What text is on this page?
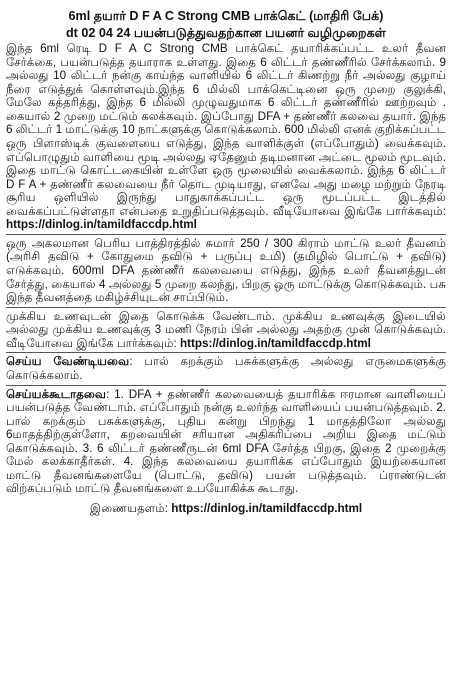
6ml தயார் D F A C Strong CMB பாக்கெட் (மாதிரி பேக்)

dt 02 04 24 பயன்படுத்துவதற்கான பயனர் வழிமுறைகள்

இந்த 6ml ரெடி D F A C Strong CMB பாக்கெட் தயாரிக்கப்பட்ட உலர் தீவன சேர்க்கை, பயன்படுத்த தயாராக உள்ளது. இதை 6 லிட்டர் தண்ணீரில் சேர்க்கலாம். 9 அல்லது 10 லிட்டர் நன்கு காய்ந்த வாளியில் 6 லிட்டர் கிணற்று நீர் அல்லது குழாய் நீரை எடுத்துக் கொள்ளவும்.இந்த 6 மில்லி பாக்கெட்டினை ஒரு முறை குலுக்கி, மேலே கத்தரித்து, இந்த 6 மில்லி முழுவதுமாக 6 லிட்டர் தண்ணீரில் ஊற்றவும் . கையால் 2 முறை மட்டும் கலக்கவும். இப்போது DFA + தண்ணீர் கலவை தயார். இந்த 6 லிட்டர் 1 மாட்டுக்கு 10 நாட்களுக்கு கொடுக்கலாம். 600 மில்லி எனக் குறிக்கப்பட்ட ஒரு பிளாஸ்டிக் குவளையை எடுத்து, இந்த வாளிக்குள் (எப்போதும்) வைக்கவும். எப்பொழுதும் வாளியை மூடி அல்லது ஏதேனும் தடிமனான அட்டை மூலம் மூடவும். இதை மாட்டு கொட்டகையின் உள்ளே ஒரு மூலையில் வைக்கலாம். இந்த 6 லிட்டர் D F A + தண்ணீர் கலவையை நீர் தொட முடியாது, எனவே அது மழை மற்றும் நேரடி சூரிய ஒளியில் இருந்து பாதுகாக்கப்பட்ட ஒரு மூடப்பட்ட இடத்தில் வைக்கப்பட்டுள்ளதா என்பதை உறுதிப்படுத்தவும். வீடியோவை இங்கே பார்க்கவும்: https://dinlog.in/tamildfaccdp.html

ஒரு அகலமான பெரிய பாத்திரத்தில் சுமார் 250 / 300 கிராம் மாட்டு உலர் தீவனம் (அரிசி தவிடு + கோதுமை தவிடு + பருப்பு உமி) (தமிழில் பொட்டு + தவிடு) எடுக்கவும். 600ml DFA தண்ணீர் கலவையை எடுத்து, இந்த உலர் தீவனத்துடன் சேர்த்து, கையால் 4 அல்லது 5 முறை கலந்து, பிறகு ஒரு மாட்டுக்கு கொடுக்கவும். பசு இந்த தீவனத்தை மகிழ்ச்சியுடன் சாப்பிடும்.

முக்கிய உணவுடன் இதை கொடுக்க வேண்டாம். முக்கிய உணவுக்கு இடையில் அல்லது முக்கிய உணவுக்கு 3 மணி நேரம் பின் அல்லது அதற்கு முன் கொடுக்கவும். வீடியோவை இங்கே பார்க்கவும்: https://dinlog.in/tamildfaccdp.html

செய்ய வேண்டியவை: பால் கறக்கும் பசுக்களுக்கு அல்லது எருமைகளுக்கு கொடுக்கலாம்.

செய்யக்கூடாதவை: 1. DFA + தண்ணீர் கலவையைத் தயாரிக்க ஈரமான வாளியைப் பயன்படுத்த வேண்டாம். எப்போதும் நன்கு உலர்ந்த வாளியைப் பயன்படுத்தவும். 2. பால் கறக்கும் பசுக்களுக்கு, புதிய கன்று பிறந்து 1 மாதத்திலோ அல்லது 6மாதத்திற்குள்ளோ, கறவையின் சரியான அதிகரிப்பை அறிய இதை மட்டும் கொடுக்கவும். 3. 6 லிட்டர் தண்ணீருடன் 6ml DFA சேர்த்த பிறகு, இதை 2 முறைக்கு மேல் கலக்காதீர்கள். 4. இந்த கலவையை தயாரிக்க எப்போதும் இயற்கையான மாட்டு தீவனங்களையே (பொட்டு, தவிடு) பயன் படுத்தவும். ப்ராண்டுடன் விற்கப்படும் மாட்டு தீவனங்களை உபயோகிக்க கூடாது.

இணையதளம்: https://dinlog.in/tamildfaccdp.html
